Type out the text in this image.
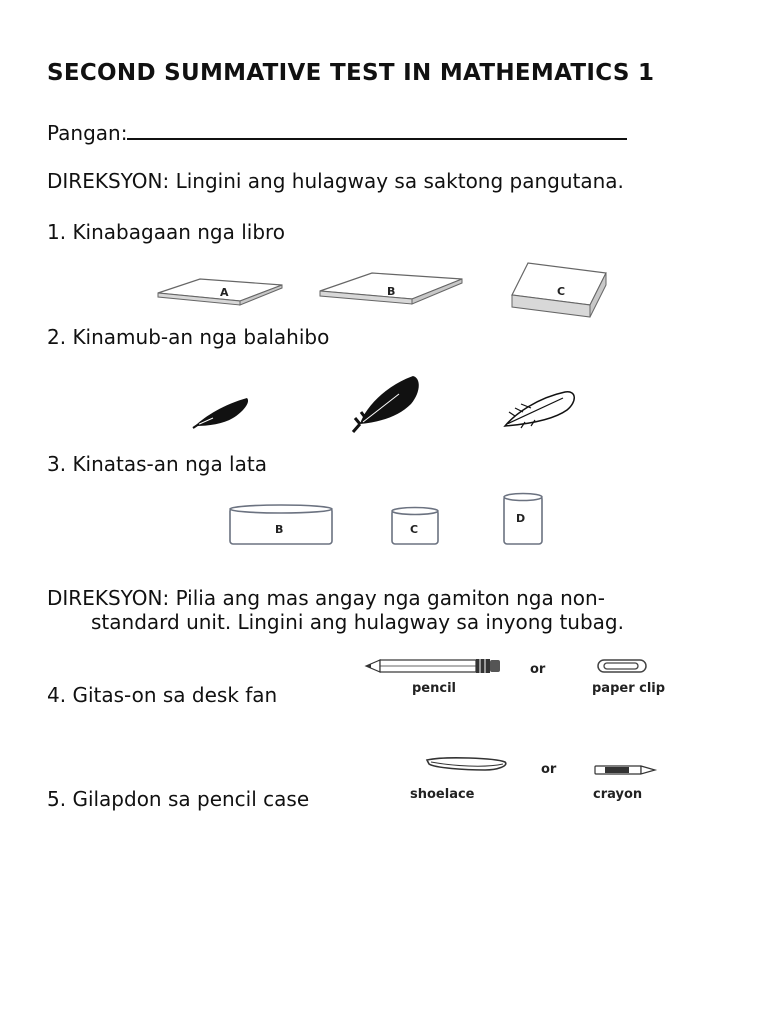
SECOND SUMMATIVE TEST IN MATHEMATICS 1
Pangan:
DIREKSYON: Lingini ang hulagway sa saktong pangutana.
1. Kinabagaan nga libro
A	B	C
2. Kinamub-an nga balahibo
3. Kinatas-an nga lata
B	C
D
DIREKSYON: Pilia ang mas angay nga gamiton nga non-
standard unit. Lingini ang hulagway sa inyong tubag.
4. Gitas-on sa desk fan	pencil
or
paper clip
5. Gilapdon sa pencil case	shoelace
or
crayon
